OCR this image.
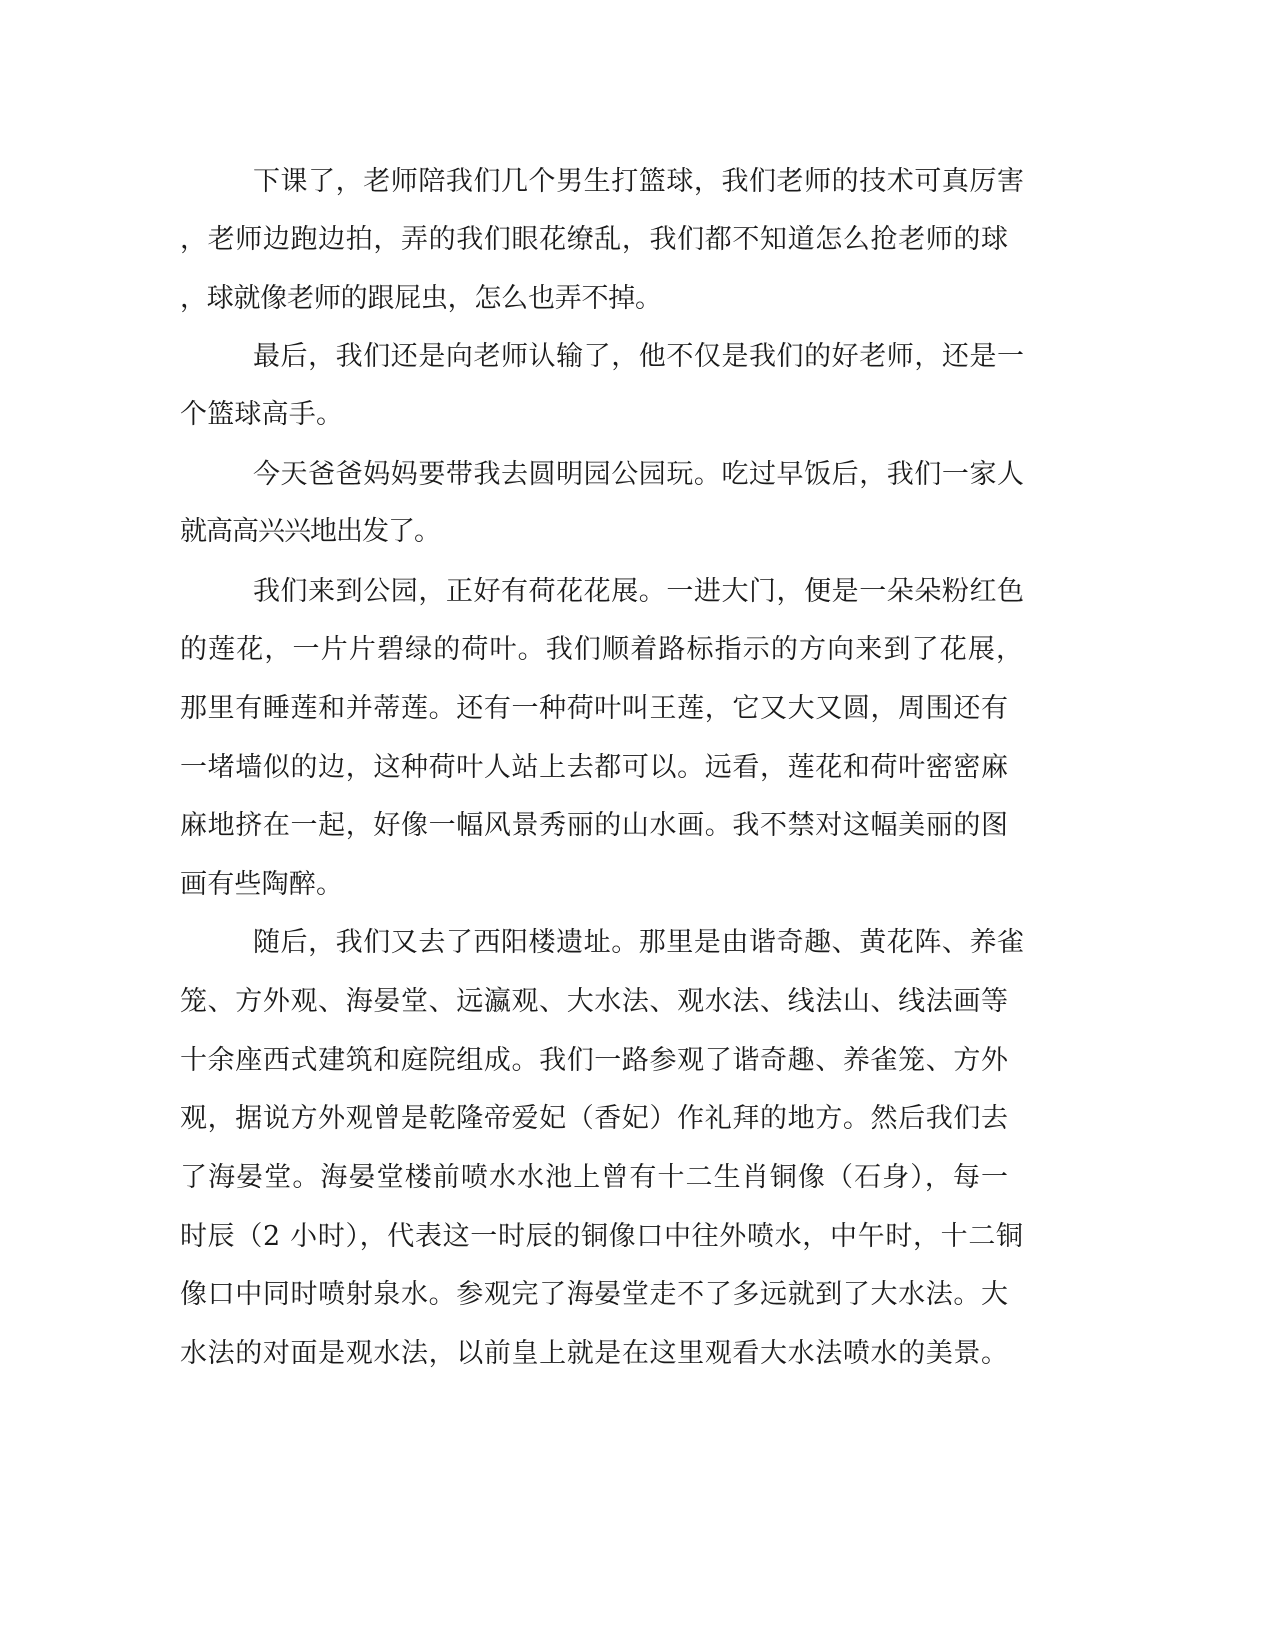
下课了，老师陪我们几个男生打篮球，我们老师的技术可真厉害
，老师边跑边拍，弄的我们眼花缭乱，我们都不知道怎么抢老师的球
，球就像老师的跟屁虫，怎么也弄不掉。
最后，我们还是向老师认输了，他不仅是我们的好老师，还是一
个篮球高手。
今天爸爸妈妈要带我去圆明园公园玩。吃过早饭后，我们一家人
就高高兴兴地出发了。
我们来到公园，正好有荷花花展。一进大门，便是一朵朵粉红色
的莲花，一片片碧绿的荷叶。我们顺着路标指示的方向来到了花展，
那里有睡莲和并蒂莲。还有一种荷叶叫王莲，它又大又圆，周围还有
一堵墙似的边，这种荷叶人站上去都可以。远看，莲花和荷叶密密麻
麻地挤在一起，好像一幅风景秀丽的山水画。我不禁对这幅美丽的图
画有些陶醉。
随后，我们又去了西阳楼遗址。那里是由谐奇趣、黄花阵、养雀
笼、方外观、海晏堂、远瀛观、大水法、观水法、线法山、线法画等
十余座西式建筑和庭院组成。我们一路参观了谐奇趣、养雀笼、方外
观，据说方外观曾是乾隆帝爱妃（香妃）作礼拜的地方。然后我们去
了海晏堂。海晏堂楼前喷水水池上曾有十二生肖铜像（石身），每一
时辰（2 小时），代表这一时辰的铜像口中往外喷水，中午时，十二铜
像口中同时喷射泉水。参观完了海晏堂走不了多远就到了大水法。大
水法的对面是观水法，以前皇上就是在这里观看大水法喷水的美景。
